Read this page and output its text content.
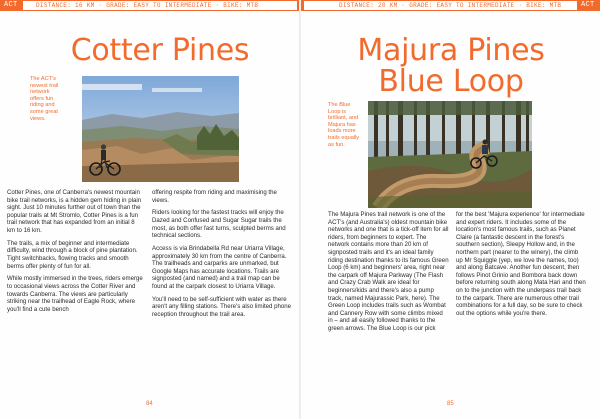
ACT	DISTANCE: 16 KM · GRADE: EASY TO INTERMEDIATE · BIKE: MTB
Cotter Pines
The ACT's newest trail network offers fun riding and some great views.

Cotter Pines, one of Canberra's newest mountain bike trail networks, is a hidden gem hiding in plain sight. Just 10 minutes further out of town than the popular trails at Mt Stromlo, Cotter Pines is a fun trail network that has expanded from an initial 8 km to 16 km.

The trails, a mix of beginner and intermediate difficulty, wind through a block of pine plantation. Tight switchbacks, flowing tracks and smooth berms offer plenty of fun for all.

While mostly immersed in the trees, riders emerge to occasional views across the Cotter River and towards Canberra. The views are particularly striking near the trailhead of Eagle Rock, where you'll find a cute bench

offering respite from riding and maximising the views.

Riders looking for the fastest tracks will enjoy the Dazed and Confused and Sugar Sugar trails the most, as both offer fast turns, sculpted berms and technical sections.

Access is via Brindabella Rd near Uriarra Village, approximately 30 km from the centre of Canberra. The trailheads and carparks are unmarked, but Google Maps has accurate locations. Trails are signposted (and named) and a trail map can be found at the carpark closest to Uriarra Village.

You'll need to be self-sufficient with water as there aren't any filling stations. There's also limited phone reception throughout the trail area.

84
DISTANCE: 20 KM · GRADE: EASY TO INTERMEDIATE · BIKE: MTB	ACT
Majura Pines
Blue Loop
The Blue Loop is brilliant, and Majura has loads more trails equally as fun.

The Majura Pines trail network is one of the ACT's (and Australia's) oldest mountain bike networks and one that is a tick-off item for all riders, from beginners to expert. The network contains more than 20 km of signposted trails and it's an ideal family riding destination thanks to its famous Green Loop (6 km) and beginners' area, right near the carpark off Majura Parkway (The Flash and Crazy Crab Walk are ideal for beginners/kids and there's also a pump track, named Majurassic Park, here). The Green Loop includes trails such as Wombat and Cannery Row with some climbs mixed in – and all easily followed thanks to the green arrows. The Blue Loop is our pick

for the best 'Majura experience' for intermediate and expert riders. It includes some of the location's most famous trails, such as Planet Claire (a fantastic descent in the forest's southern section), Sleepy Hollow and, in the northern part (nearer to the winery), the climb up Mr Squiggle (yep, we love the names, too) and along Batcave. Another fun descent, then follows Pinot Grinio and Bombora back down before returning south along Mata Hari and then on to the junction with the underpass trail back to the carpark. There are numerous other trail combinations for a full day, so be sure to check out the options while you're there.

85
